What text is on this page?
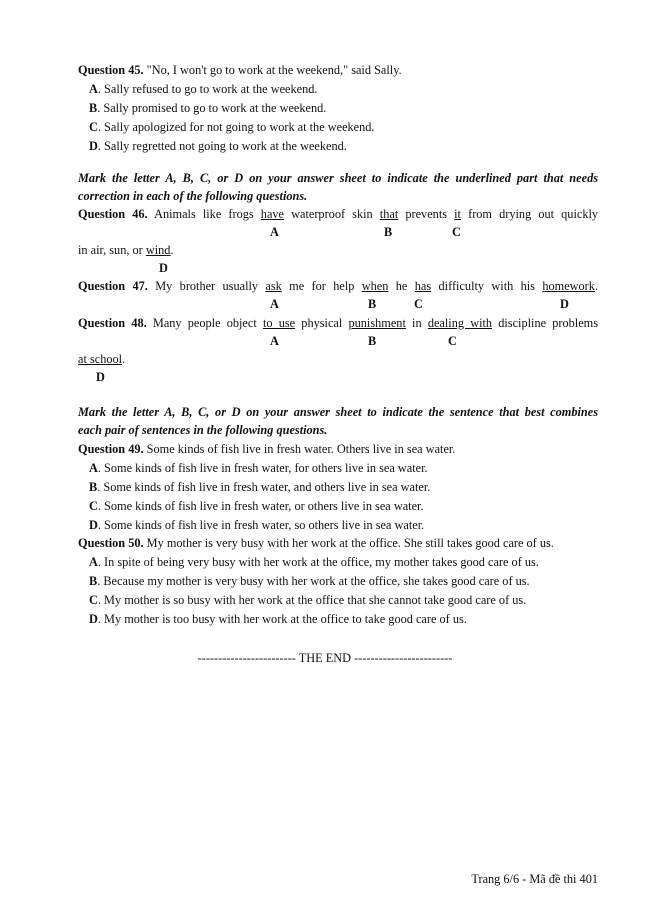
Question 45. "No, I won't go to work at the weekend," said Sally.
A. Sally refused to go to work at the weekend.
B. Sally promised to go to work at the weekend.
C. Sally apologized for not going to work at the weekend.
D. Sally regretted not going to work at the weekend.
Mark the letter A, B, C, or D on your answer sheet to indicate the underlined part that needs
correction in each of the following questions.
Question 46. Animals like frogs have waterproof skin that prevents it from drying out quickly
A	B	C
in air, sun, or wind.
D
Question 47. My brother usually ask me for help when he has difficulty with his homework.
A	B	C	D
Question 48. Many people object to use physical punishment in dealing with discipline problems
A	B	C
at school.
D
Mark the letter A, B, C, or D on your answer sheet to indicate the sentence that best combines
each pair of sentences in the following questions.
Question 49. Some kinds of fish live in fresh water. Others live in sea water.
A. Some kinds of fish live in fresh water, for others live in sea water.
B. Some kinds of fish live in fresh water, and others live in sea water.
C. Some kinds of fish live in fresh water, or others live in sea water.
D. Some kinds of fish live in fresh water, so others live in sea water.
Question 50. My mother is very busy with her work at the office. She still takes good care of us.
A. In spite of being very busy with her work at the office, my mother takes good care of us.
B. Because my mother is very busy with her work at the office, she takes good care of us.
C. My mother is so busy with her work at the office that she cannot take good care of us.
D. My mother is too busy with her work at the office to take good care of us.
------------------------ THE END ------------------------
Trang 6/6 - Mã đề thi 401
